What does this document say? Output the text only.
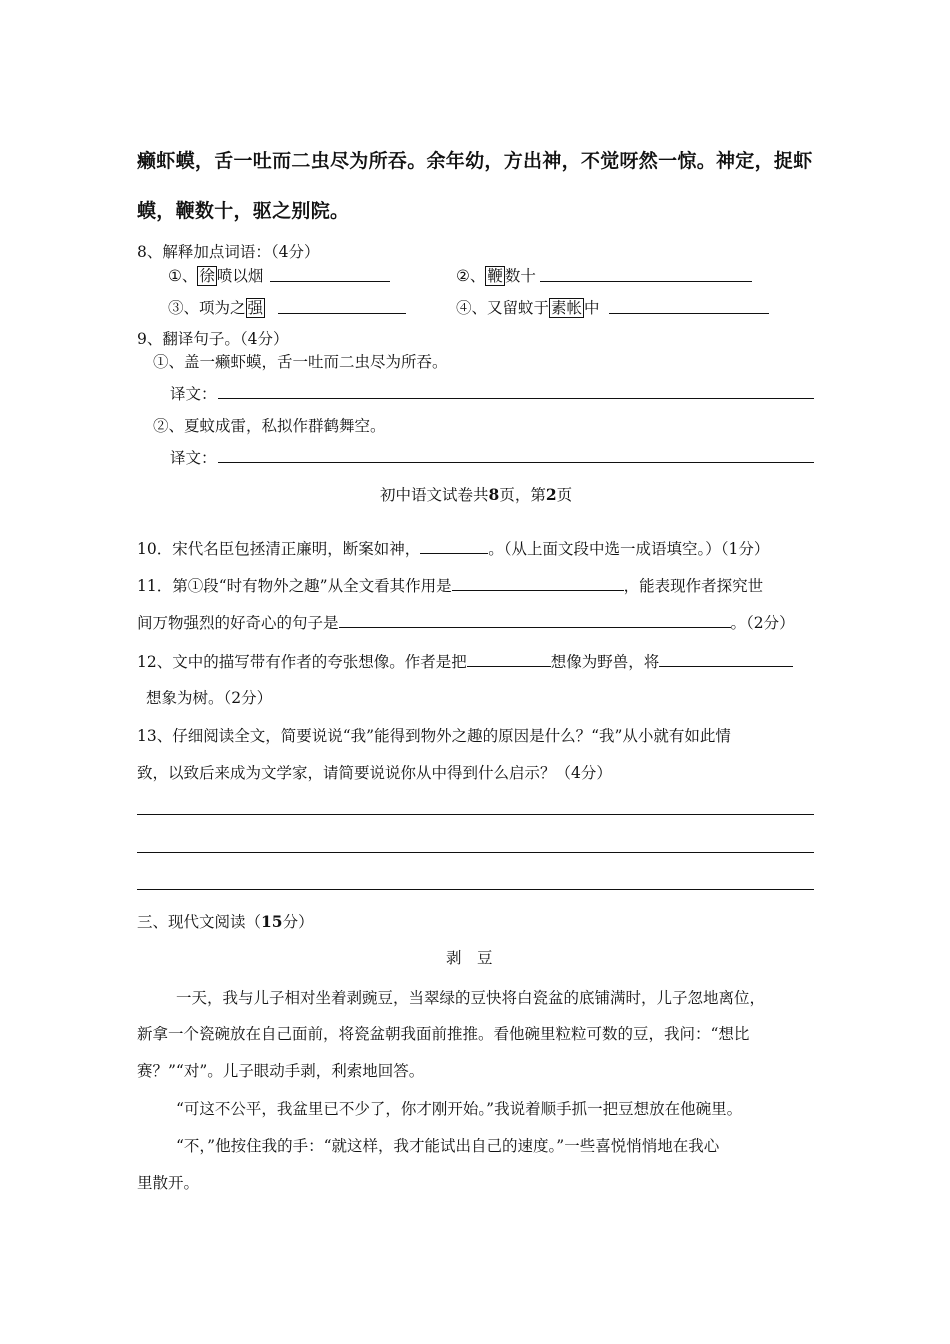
癞虾蟆，舌一吐而二虫尽为所吞。余年幼，方出神，不觉呀然一惊。神定，捉虾
蟆，鞭数十，驱之别院。
8、解释加点词语：（4分）
①、 徐 喷以烟	②、 鞭 数十
③、项为之 强	④、又留蚊于 素帐 中
9、翻译句子。（4分）
①、盖一癞虾蟆，舌一吐而二虫尽为所吞。
译文：
②、夏蚊成雷，私拟作群鹤舞空。
译文：
初中语文试卷共8页，第2页
10．宋代名臣包拯清正廉明，断案如神，	。（从上面文段中选一成语填空。）（1分）
11．第①段“时有物外之趣”从全文看其作用是	，能表现作者探究世
间万物强烈的好奇心的句子是	。（2分）
12、文中的描写带有作者的夸张想像。作者是把	想像为野兽，将
想象为树。（2分）
13、仔细阅读全文，简要说说“我”能得到物外之趣的原因是什么？“我”从小就有如此情
致，以致后来成为文学家，请简要说说你从中得到什么启示？（4分）
三、现代文阅读（15分）
剥　豆
一天，我与儿子相对坐着剥豌豆，当翠绿的豆快将白瓷盆的底铺满时，儿子忽地离位，
新拿一个瓷碗放在自己面前，将瓷盆朝我面前推推。看他碗里粒粒可数的豆，我问：“想比
赛？”“对”。儿子眼动手剥，利索地回答。
“可这不公平，我盆里已不少了，你才刚开始。”我说着顺手抓一把豆想放在他碗里。
“不，”他按住我的手：“就这样，我才能试出自己的速度。”一些喜悦悄悄地在我心
里散开。
